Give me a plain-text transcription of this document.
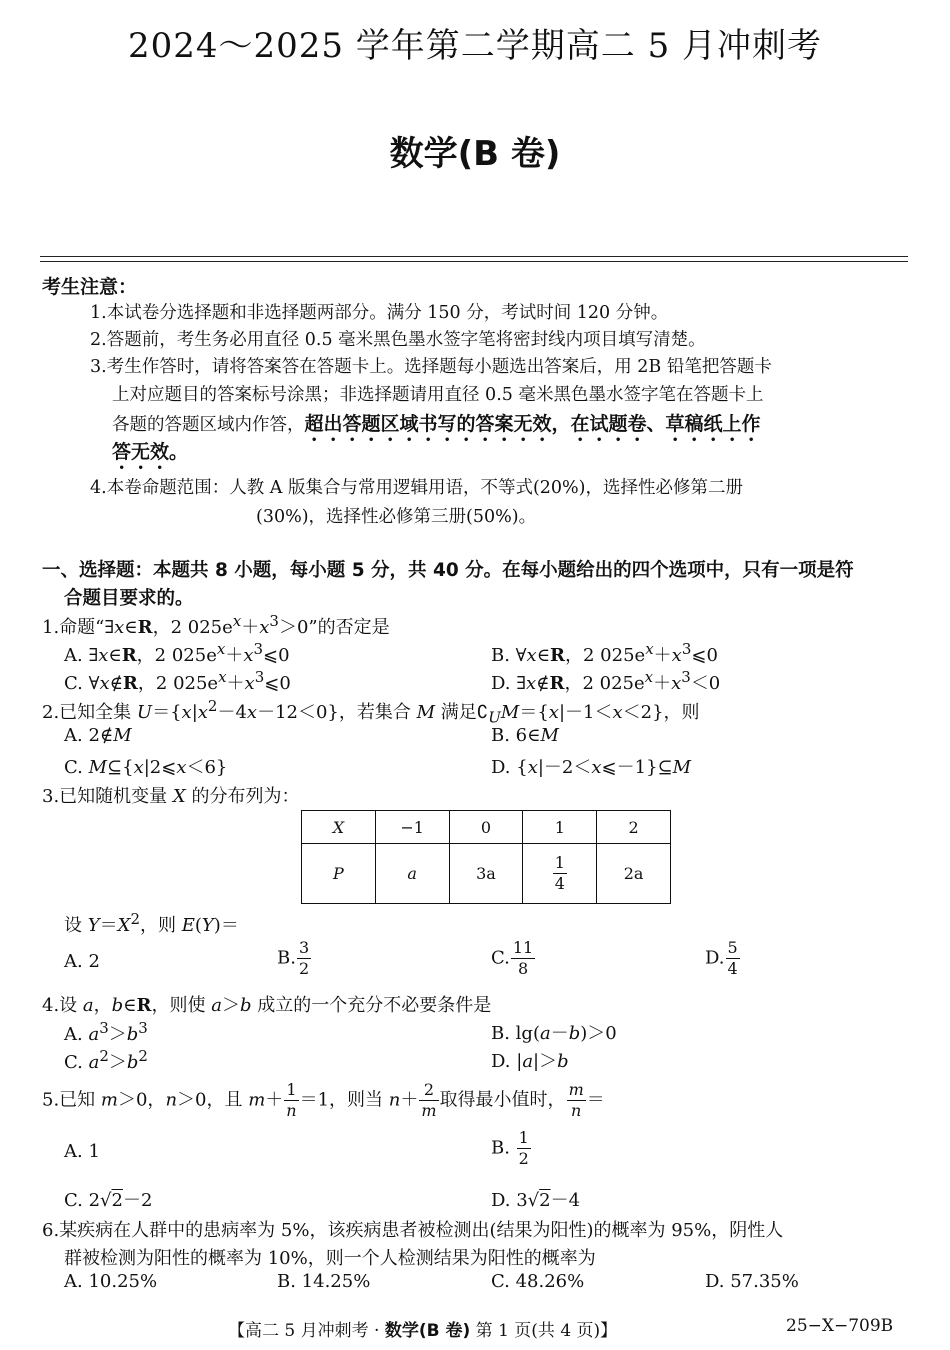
2024～2025 学年第二学期高二 5 月冲刺考
数学(B 卷)
考生注意：
1.本试卷分选择题和非选择题两部分。满分 150 分，考试时间 120 分钟。
2.答题前，考生务必用直径 0.5 毫米黑色墨水签字笔将密封线内项目填写清楚。
3.考生作答时，请将答案答在答题卡上。选择题每小题选出答案后，用 2B 铅笔把答题卡
上对应题目的答案标号涂黑；非选择题请用直径 0.5 毫米黑色墨水签字笔在答题卡上
各题的答题区域内作答，超出答题区域书写的答案无效，在试题卷、草稿纸上作
答无效。
4.本卷命题范围：人教 A 版集合与常用逻辑用语，不等式(20%)，选择性必修第二册
(30%)，选择性必修第三册(50%)。
一、选择题：本题共 8 小题，每小题 5 分，共 40 分。在每小题给出的四个选项中，只有一项是符
合题目要求的。
1.命题“∃x∈R，2 $025e^x+x^3>0$”的否定是
A. ∃x∈R，2 $025e^x+x^3⩽0$	B. ∀x∈R，2 $025e^x+x^3⩽0$
C. ∀x∉R，2 $025e^x+x^3⩽0$	D. ∃x∉R，2 $025e^x+x^3<0$
2.已知全集 $U=\{x|x^2-4x-12<0\}$，若集合 M 满足$∁_UM=\{x|-1<x<2\}$，则
A. 2∉M	B. 6∈M
C. M⊆{x|2⩽x＜6}	D. {x|－2＜x⩽－1}⊆M
3.已知随机变量 X 的分布列为：
X	−1	0	1	2
P	a	3a	$\frac{1}{4}$	2a
设 $Y=X^2$，则 E(Y)＝
A. 2	B. $\frac{3}{2}$	C. $\frac{11}{8}$	D. $\frac{5}{4}$
4.设 a，b∈R，则使 a＞b 成立的一个充分不必要条件是
A. $a^3>b^3$	B. lg(a－b)＞0
C. $a^2>b^2$	D. |a|＞b
5.已知 m＞0，n＞0，且 $m+ \frac{1}{n} =1$，则当 $n+ \frac{2}{m}$ 取得最小值时， $\frac{m}{n}$ ＝
A. 1	B. $\frac{1}{2}$
C. 2√2－2	D. 3√2－4
6.某疾病在人群中的患病率为 5%，该疾病患者被检测出(结果为阳性)的概率为 95%，阴性人
群被检测为阳性的概率为 10%，则一个人检测结果为阳性的概率为
A. 10.25%	B. 14.25%	C. 48.26%	D. 57.35%
【高二 5 月冲刺考 · 数学(B 卷) 第 1 页(共 4 页)】	25−X−709B
